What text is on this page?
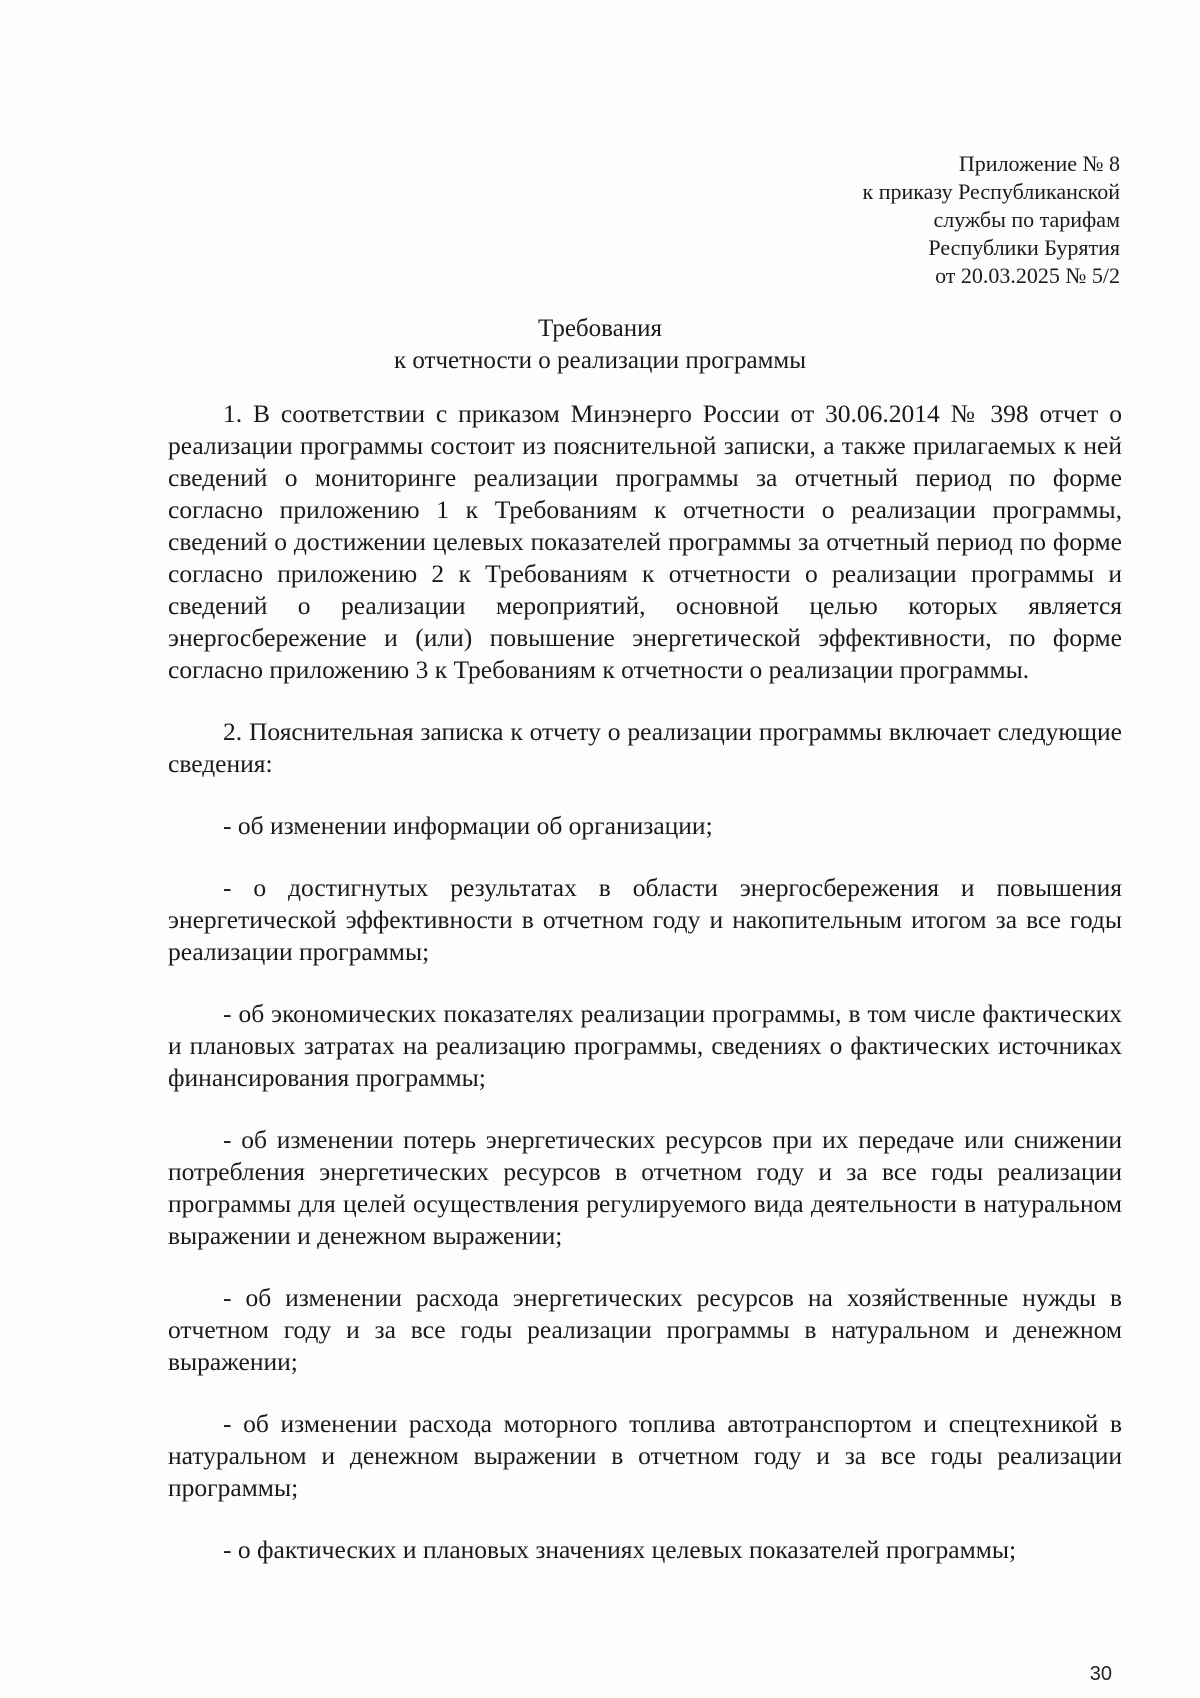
Приложение № 8
к приказу Республиканской
службы по тарифам
Республики Бурятия
от 20.03.2025 № 5/2
Требования
к отчетности о реализации программы

1. В соответствии с приказом Минэнерго России от 30.06.2014 № 398 отчет о реализации программы состоит из пояснительной записки, а также прилагаемых к ней сведений о мониторинге реализации программы за отчетный период по форме согласно приложению 1 к Требованиям к отчетности о реализации программы, сведений о достижении целевых показателей программы за отчетный период по форме согласно приложению 2 к Требованиям к отчетности о реализации программы и сведений о реализации мероприятий, основной целью которых является энергосбережение и (или) повышение энергетической эффективности, по форме согласно приложению 3 к Требованиям к отчетности о реализации программы.

2. Пояснительная записка к отчету о реализации программы включает следующие сведения:

- об изменении информации об организации;

- о достигнутых результатах в области энергосбережения и повышения энергетической эффективности в отчетном году и накопительным итогом за все годы реализации программы;

- об экономических показателях реализации программы, в том числе фактических и плановых затратах на реализацию программы, сведениях о фактических источниках финансирования программы;

- об изменении потерь энергетических ресурсов при их передаче или снижении потребления энергетических ресурсов в отчетном году и за все годы реализации программы для целей осуществления регулируемого вида деятельности в натуральном выражении и денежном выражении;

- об изменении расхода энергетических ресурсов на хозяйственные нужды в отчетном году и за все годы реализации программы в натуральном и денежном выражении;

- об изменении расхода моторного топлива автотранспортом и спецтехникой в натуральном и денежном выражении в отчетном году и за все годы реализации программы;

- о фактических и плановых значениях целевых показателей программы;

30
